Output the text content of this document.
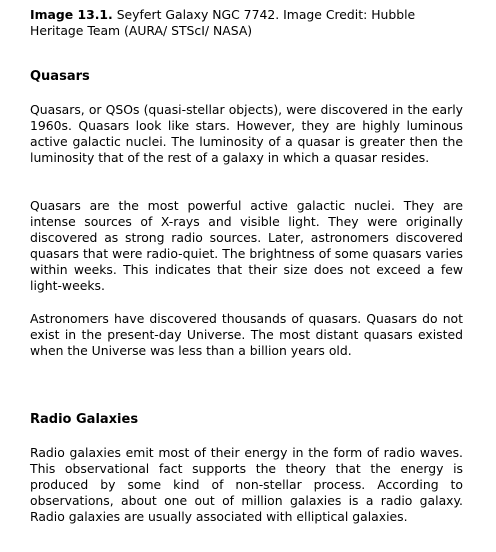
Image 13.1. Seyfert Galaxy NGC 7742. Image Credit: Hubble Heritage Team (AURA/ STScI/ NASA)

Quasars

Quasars, or QSOs (quasi-stellar objects), were discovered in the early 1960s. Quasars look like stars. However, they are highly luminous active galactic nuclei. The luminosity of a quasar is greater then the luminosity that of the rest of a galaxy in which a quasar resides.

Quasars are the most powerful active galactic nuclei. They are intense sources of X-rays and visible light. They were originally discovered as strong radio sources. Later, astronomers discovered quasars that were radio-quiet. The brightness of some quasars varies within weeks. This indicates that their size does not exceed a few light-weeks.

Astronomers have discovered thousands of quasars. Quasars do not exist in the present-day Universe. The most distant quasars existed when the Universe was less than a billion years old.

Radio Galaxies

Radio galaxies emit most of their energy in the form of radio waves. This observational fact supports the theory that the energy is produced by some kind of non-stellar process. According to observations, about one out of million galaxies is a radio galaxy. Radio galaxies are usually associated with elliptical galaxies.
